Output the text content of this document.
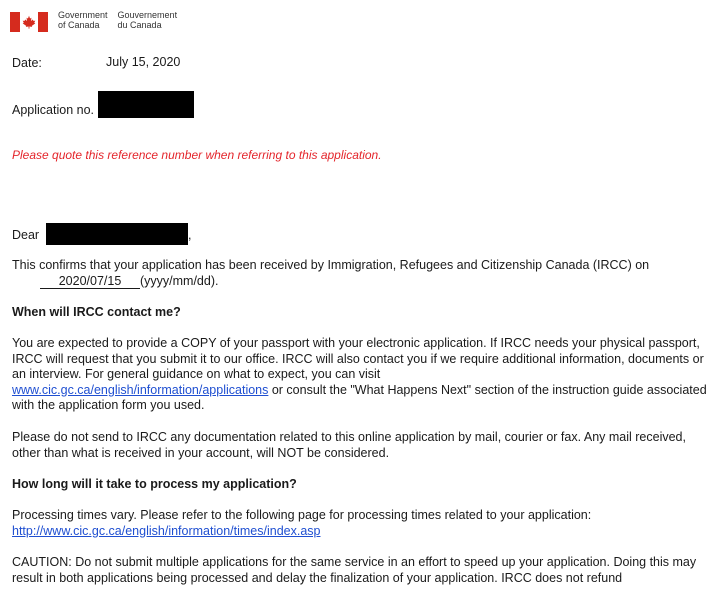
Government
of Canada
Gouvernement
du Canada
Date:	July 15, 2020
Application no.
Please quote this reference number when referring to this application.
Dear	,
This confirms that your application has been received by Immigration, Refugees and Citizenship Canada (IRCC) on
2020/07/15 (yyyy/mm/dd).
When will IRCC contact me?
You are expected to provide a COPY of your passport with your electronic application. If IRCC needs your physical passport, IRCC will request that you submit it to our office. IRCC will also contact you if we require additional information, documents or an interview. For general guidance on what to expect, you can visit
www.cic.gc.ca/english/information/applications or consult the "What Happens Next" section of the instruction guide associated with the application form you used.
Please do not send to IRCC any documentation related to this online application by mail, courier or fax. Any mail received, other than what is received in your account, will NOT be considered.
How long will it take to process my application?
Processing times vary. Please refer to the following page for processing times related to your application:
http://www.cic.gc.ca/english/information/times/index.asp
CAUTION: Do not submit multiple applications for the same service in an effort to speed up your application. Doing this may result in both applications being processed and delay the finalization of your application. IRCC does not refund
